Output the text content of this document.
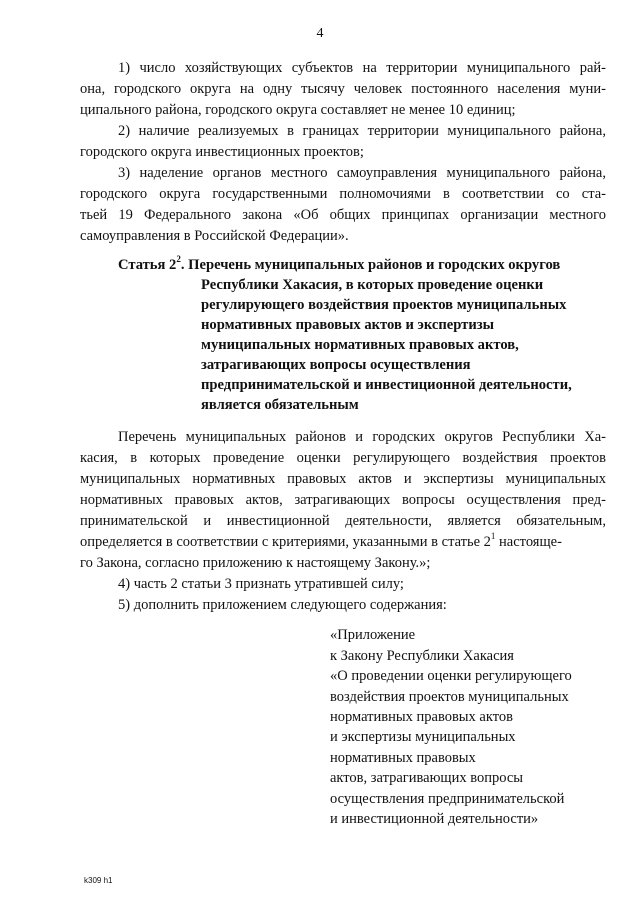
4
1) число хозяйствующих субъектов на территории муниципального рай-
она, городского округа на одну тысячу человек постоянного населения муни-
ципального района, городского округа составляет не менее 10 единиц;
2) наличие реализуемых в границах территории муниципального района,
городского округа инвестиционных проектов;
3) наделение органов местного самоуправления муниципального района,
городского округа государственными полномочиями в соответствии со ста-
тьей 19 Федерального закона «Об общих принципах организации местного
самоуправления в Российской Федерации».
Статья $2^2$. Перечень муниципальных районов и городских округов
Республики Хакасия, в которых проведение оценки
регулирующего воздействия проектов муниципальных
нормативных правовых актов и экспертизы
муниципальных нормативных правовых актов,
затрагивающих вопросы осуществления
предпринимательской и инвестиционной деятельности,
является обязательным
Перечень муниципальных районов и городских округов Республики Ха-
касия, в которых проведение оценки регулирующего воздействия проектов
муниципальных нормативных правовых актов и экспертизы муниципальных
нормативных правовых актов, затрагивающих вопросы осуществления пред-
принимательской и инвестиционной деятельности, является обязательным,
определяется в соответствии с критериями, указанными в статье $2^1$ настояще-
го Закона, согласно приложению к настоящему Закону.»;
4) часть 2 статьи 3 признать утратившей силу;
5) дополнить приложением следующего содержания:
«Приложение
к Закону Республики Хакасия
«О проведении оценки регулирующего
воздействия проектов муниципальных
нормативных правовых актов
и экспертизы муниципальных
нормативных правовых
актов, затрагивающих вопросы
осуществления предпринимательской
и инвестиционной деятельности»
k309 h1
